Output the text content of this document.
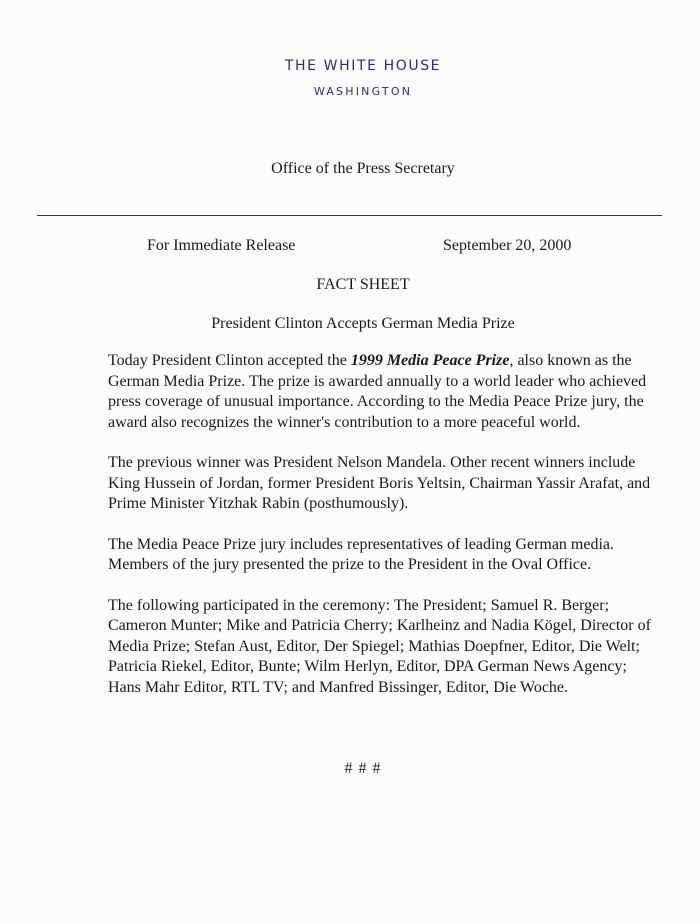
THE WHITE HOUSE
WASHINGTON
Office of the Press Secretary
For Immediate Release	September 20, 2000
FACT SHEET
President Clinton Accepts German Media Prize

Today President Clinton accepted the 1999 Media Peace Prize, also known as the German Media Prize. The prize is awarded annually to a world leader who achieved press coverage of unusual importance. According to the Media Peace Prize jury, the award also recognizes the winner's contribution to a more peaceful world.

The previous winner was President Nelson Mandela. Other recent winners include King Hussein of Jordan, former President Boris Yeltsin, Chairman Yassir Arafat, and Prime Minister Yitzhak Rabin (posthumously).

The Media Peace Prize jury includes representatives of leading German media. Members of the jury presented the prize to the President in the Oval Office.

The following participated in the ceremony: The President; Samuel R. Berger; Cameron Munter; Mike and Patricia Cherry; Karlheinz and Nadia Kögel, Director of Media Prize; Stefan Aust, Editor, Der Spiegel; Mathias Doepfner, Editor, Die Welt; Patricia Riekel, Editor, Bunte; Wilm Herlyn, Editor, DPA German News Agency; Hans Mahr Editor, RTL TV; and Manfred Bissinger, Editor, Die Woche.

# # #
